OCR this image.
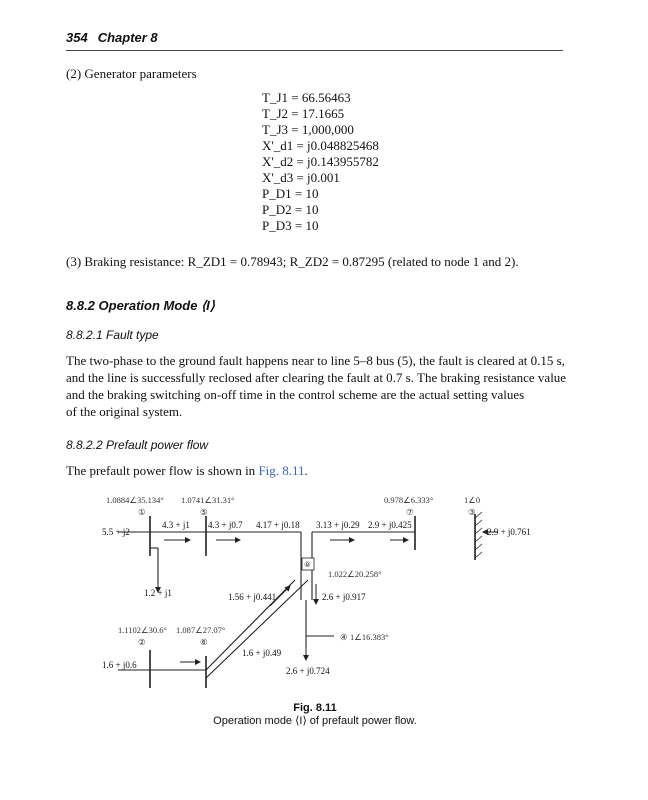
354 Chapter 8
(2) Generator parameters
T_J1 = 66.56463
T_J2 = 17.1665
T_J3 = 1,000,000
X'_d1 = j0.048825468
X'_d2 = j0.143955782
X'_d3 = j0.001
P_D1 = 10
P_D2 = 10
P_D3 = 10
(3) Braking resistance: R_ZD1 = 0.78943; R_ZD2 = 0.87295 (related to node 1 and 2).
8.8.2 Operation Mode ⟨I⟩
8.8.2.1 Fault type
The two-phase to the ground fault happens near to line 5–8 bus (5), the fault is cleared at 0.15 s,
and the line is successfully reclosed after clearing the fault at 0.7 s. The braking resistance value
and the braking switching on-off time in the control scheme are the actual setting values
of the original system.
8.8.2.2 Prefault power flow
The prefault power flow is shown in Fig. 8.11.
1.0884∠35.134° 1.0741∠31.31°
①	⑤
0.978∠6.333°
⑦
1∠0
③
⑧
1.022∠20.258°
1.1102∠30.6° 1.087∠27.07°
②	⑥	④ 1∠16.383°
5.5 + j2
4.3 + j1 4.3 + j0.7 4.17 + j0.18 3.13 + j0.29 2.9 + j0.425
−2.9 + j0.761
1.2 + j1	1.56 + j0.441	2.6 + j0.917
1.6 + j0.6
1.6 + j0.49
2.6 + j0.724
Fig. 8.11
Operation mode ⟨I⟩ of prefault power flow.
